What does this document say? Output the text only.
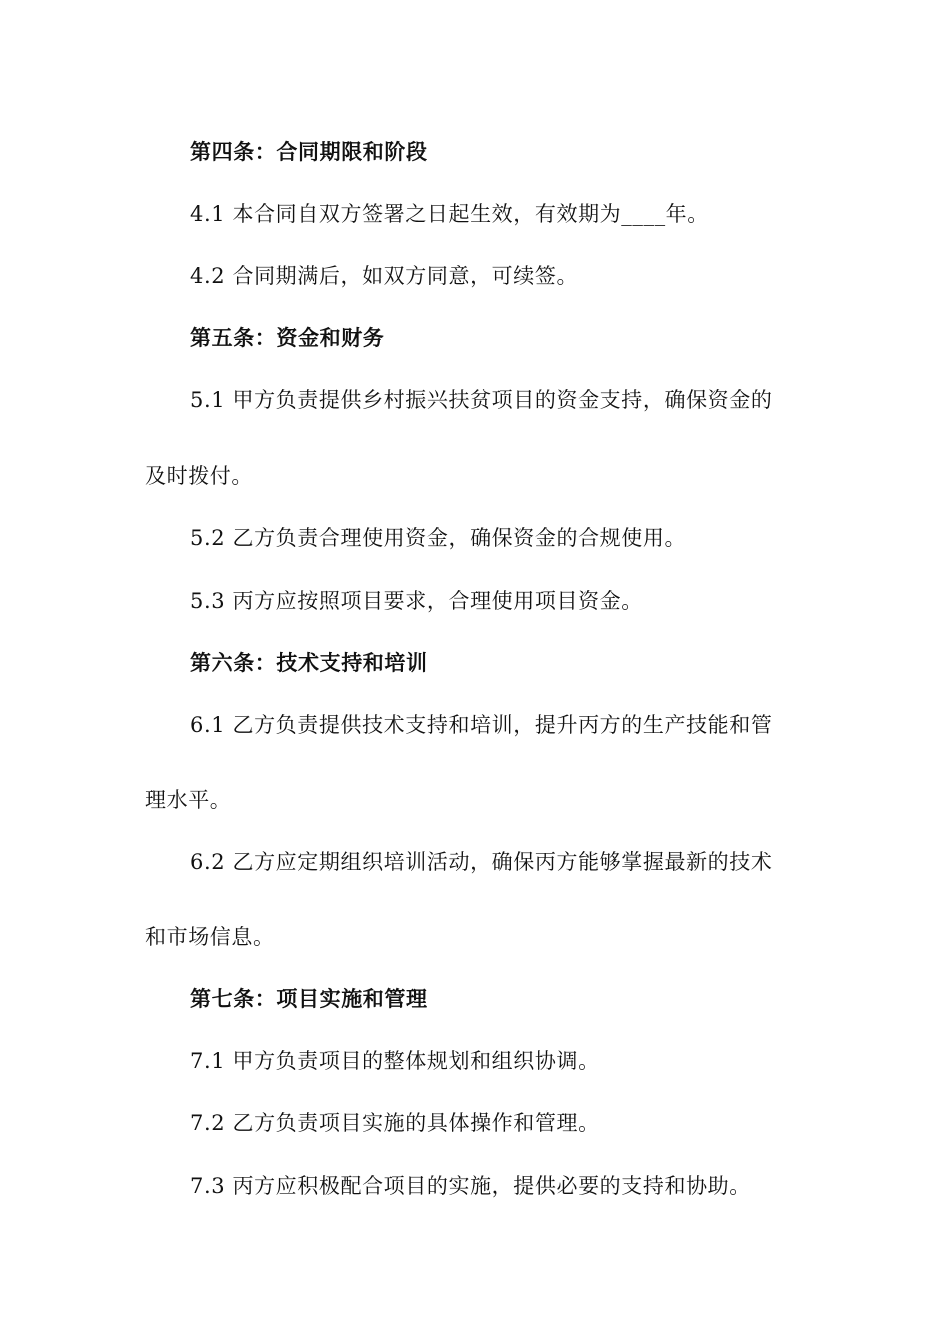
第四条：合同期限和阶段
4.1 本合同自双方签署之日起生效，有效期为____年。
4.2 合同期满后，如双方同意，可续签。
第五条：资金和财务
5.1 甲方负责提供乡村振兴扶贫项目的资金支持，确保资金的
及时拨付。
5.2 乙方负责合理使用资金，确保资金的合规使用。
5.3 丙方应按照项目要求，合理使用项目资金。
第六条：技术支持和培训
6.1 乙方负责提供技术支持和培训，提升丙方的生产技能和管
理水平。
6.2 乙方应定期组织培训活动，确保丙方能够掌握最新的技术
和市场信息。
第七条：项目实施和管理
7.1 甲方负责项目的整体规划和组织协调。
7.2 乙方负责项目实施的具体操作和管理。
7.3 丙方应积极配合项目的实施，提供必要的支持和协助。
